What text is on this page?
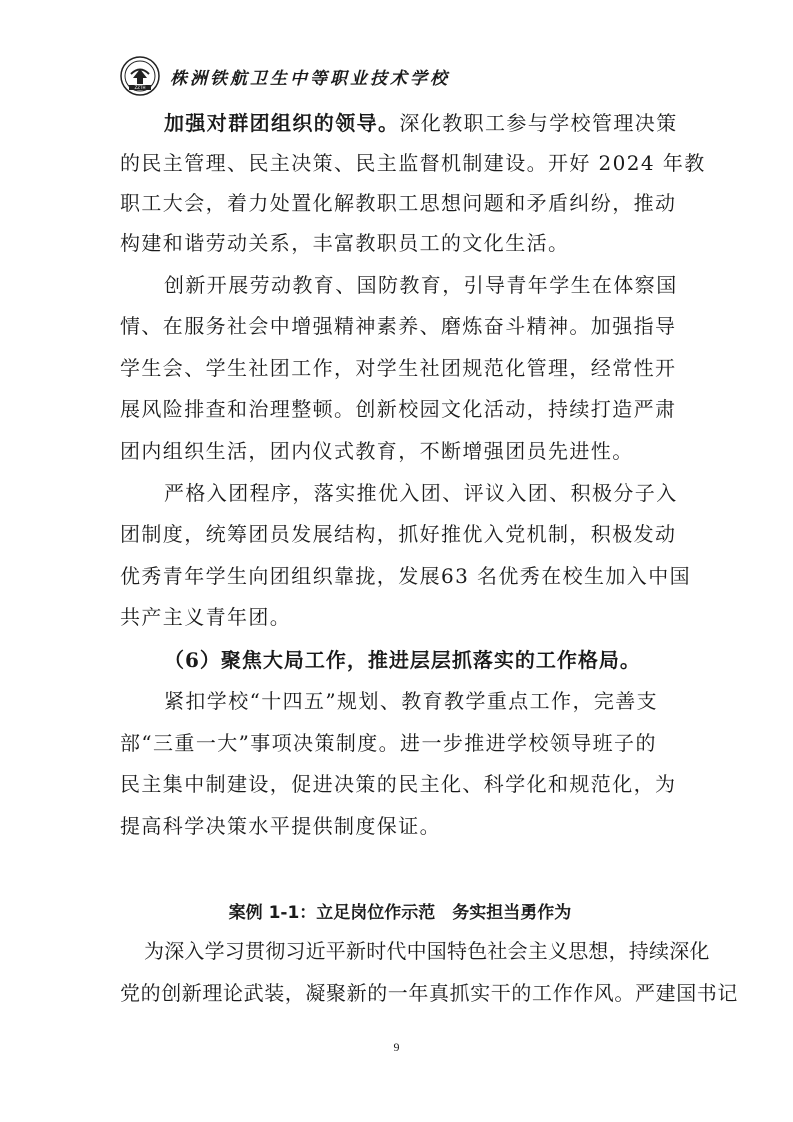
ZZTH 株洲铁航卫生中等职业技术学校
加强对群团组织的领导。深化教职工参与学校管理决策
的民主管理、民主决策、民主监督机制建设。开好 2024 年教
职工大会，着力处置化解教职工思想问题和矛盾纠纷，推动
构建和谐劳动关系，丰富教职员工的文化生活。
创新开展劳动教育、国防教育，引导青年学生在体察国
情、在服务社会中增强精神素养、磨炼奋斗精神。加强指导
学生会、学生社团工作，对学生社团规范化管理，经常性开
展风险排查和治理整顿。创新校园文化活动，持续打造严肃
团内组织生活，团内仪式教育，不断增强团员先进性。
严格入团程序，落实推优入团、评议入团、积极分子入
团制度，统筹团员发展结构，抓好推优入党机制，积极发动
优秀青年学生向团组织靠拢，发展63 名优秀在校生加入中国
共产主义青年团。
（6）聚焦大局工作，推进层层抓落实的工作格局。
紧扣学校“十四五”规划、教育教学重点工作，完善支
部“三重一大”事项决策制度。进一步推进学校领导班子的
民主集中制建设，促进决策的民主化、科学化和规范化，为
提高科学决策水平提供制度保证。
案例 1-1：立足岗位作示范　务实担当勇作为
为深入学习贯彻习近平新时代中国特色社会主义思想，持续深化
党的创新理论武装，凝聚新的一年真抓实干的工作作风。严建国书记
9
